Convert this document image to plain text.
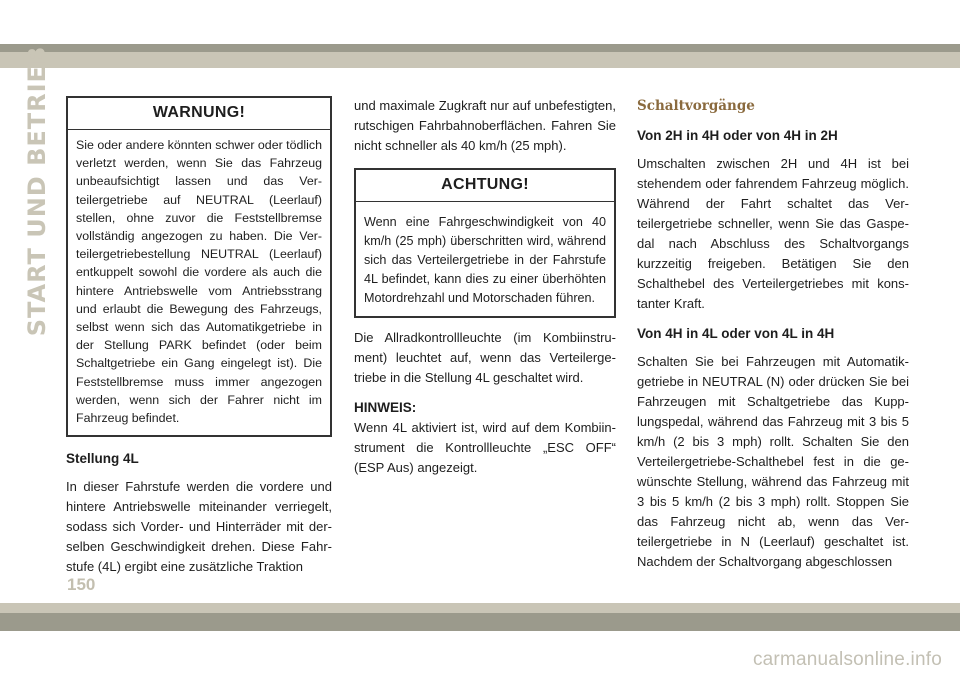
START UND BETRIEB	WARNUNG!
Sie oder andere könnten schwer oder tödlich verletzt werden, wenn Sie das Fahrzeug unbeaufsichtigt lassen und das Verteilergetriebe auf NEUTRAL (Leerlauf) stellen, ohne zuvor die Feststellbremse vollständig angezogen zu haben. Die Verteilergetriebestellung NEUTRAL (Leerlauf) entkuppelt sowohl die vordere als auch die hintere Antriebswelle vom Antriebsstrang und erlaubt die Bewegung des Fahrzeugs, selbst wenn sich das Automatikgetriebe in der Stellung PARK befindet (oder beim Schaltgetriebe ein Gang eingelegt ist). Die Feststellbremse muss immer angezogen werden, wenn sich der Fahrer nicht im Fahrzeug befindet.

Stellung 4L

In dieser Fahrstufe werden die vordere und hintere Antriebswelle miteinander verriegelt, sodass sich Vorder- und Hinterräder mit derselben Geschwindigkeit drehen. Diese Fahrstufe (4L) ergibt eine zusätzliche Traktion

und maximale Zugkraft nur auf unbefestigten, rutschigen Fahrbahnoberflächen. Fahren Sie nicht schneller als 40 km/h (25 mph).

ACHTUNG!
Wenn eine Fahrgeschwindigkeit von 40 km/h (25 mph) überschritten wird, während sich das Verteilergetriebe in der Fahrstufe 4L befindet, kann dies zu einer überhöhten Motordrehzahl und Motorschaden führen.

Die Allradkontrollleuchte (im Kombiinstrument) leuchtet auf, wenn das Verteilergetriebe in die Stellung 4L geschaltet wird.

HINWEIS:

Wenn 4L aktiviert ist, wird auf dem Kombiinstrument die Kontrollleuchte „ESC OFF“ (ESP Aus) angezeigt.

Schaltvorgänge

Von 2H in 4H oder von 4H in 2H

Umschalten zwischen 2H und 4H ist bei stehendem oder fahrendem Fahrzeug möglich. Während der Fahrt schaltet das Verteilergetriebe schneller, wenn Sie das Gaspedal nach Abschluss des Schaltvorgangs kurzzeitig freigeben. Betätigen Sie den Schalthebel des Verteilergetriebes mit konstanter Kraft.

Von 4H in 4L oder von 4L in 4H

Schalten Sie bei Fahrzeugen mit Automatikgetriebe in NEUTRAL (N) oder drücken Sie bei Fahrzeugen mit Schaltgetriebe das Kupplungspedal, während das Fahrzeug mit 3 bis 5 km/h (2 bis 3 mph) rollt. Schalten Sie den Verteilergetriebe-Schalthebel fest in die gewünschte Stellung, während das Fahrzeug mit 3 bis 5 km/h (2 bis 3 mph) rollt. Stoppen Sie das Fahrzeug nicht ab, wenn das Verteilergetriebe in N (Leerlauf) geschaltet ist. Nachdem der Schaltvorgang abgeschlossen

150
carmanualsonline.info
